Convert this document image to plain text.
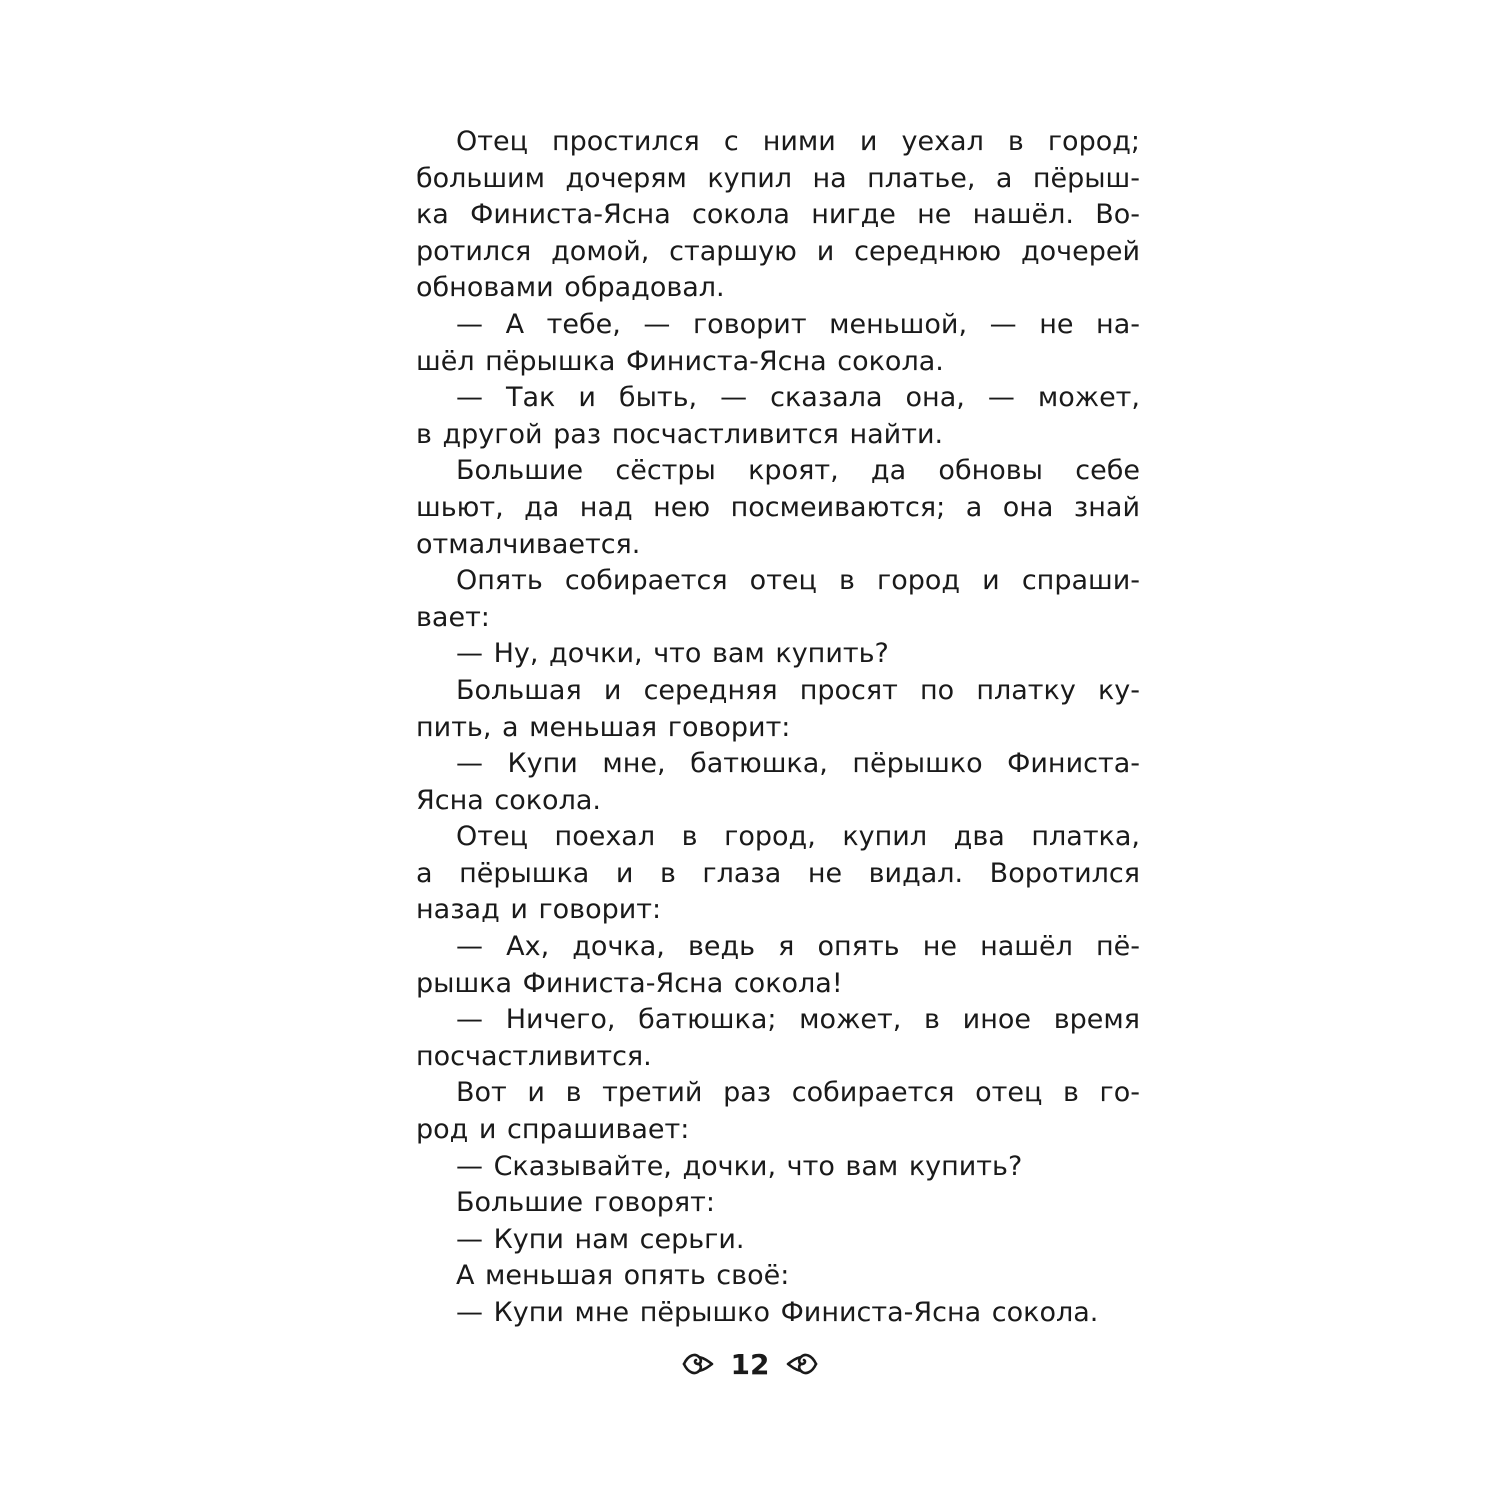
Отец простился с ними и уехал в город;
большим дочерям купил на платье, а пёрыш-
ка Финиста-Ясна сокола нигде не нашёл. Во-
ротился домой, старшую и середнюю дочерей
обновами обрадовал.
— А тебе, — говорит меньшой, — не на-
шёл пёрышка Финиста-Ясна сокола.
— Так и быть, — сказала она, — может,
в другой раз посчастливится найти.
Большие сёстры кроят, да обновы себе
шьют, да над нею посмеиваются; а она знай
отмалчивается.
Опять собирается отец в город и спраши-
вает:
— Ну, дочки, что вам купить?
Большая и середняя просят по платку ку-
пить, а меньшая говорит:
— Купи мне, батюшка, пёрышко Финиста-
Ясна сокола.
Отец поехал в город, купил два платка,
а пёрышка и в глаза не видал. Воротился
назад и говорит:
— Ах, дочка, ведь я опять не нашёл пё-
рышка Финиста-Ясна сокола!
— Ничего, батюшка; может, в иное время
посчастливится.
Вот и в третий раз собирается отец в го-
род и спрашивает:
— Сказывайте, дочки, что вам купить?
Большие говорят:
— Купи нам серьги.
А меньшая опять своё:
— Купи мне пёрышко Финиста-Ясна сокола.
12
